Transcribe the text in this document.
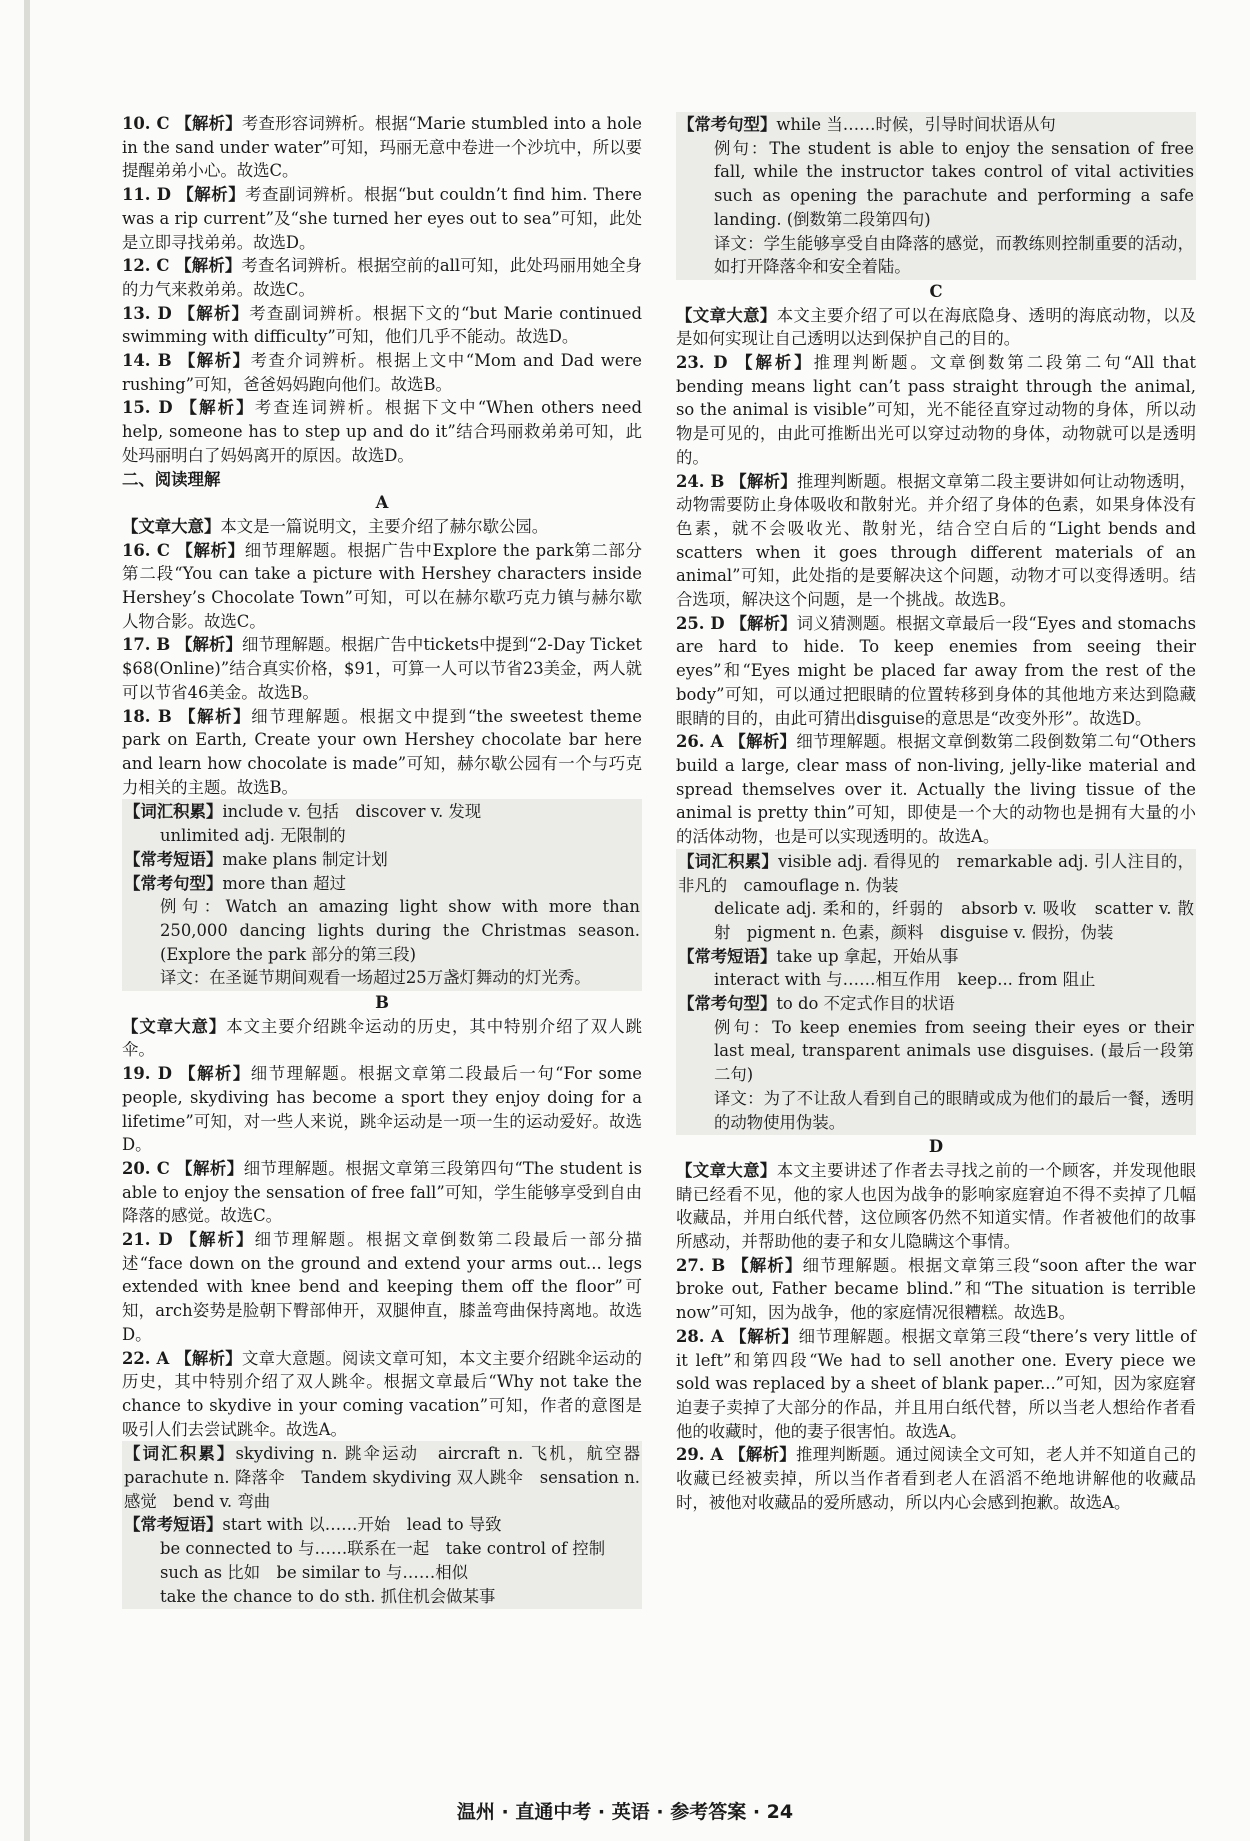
10. C 【解析】考查形容词辨析。根据“Marie stumbled into a hole in the sand under water”可知，玛丽无意中卷进一个沙坑中，所以要提醒弟弟小心。故选C。

11. D 【解析】考查副词辨析。根据“but couldn’t find him. There was a rip current”及“she turned her eyes out to sea”可知，此处是立即寻找弟弟。故选D。

12. C 【解析】考查名词辨析。根据空前的all可知，此处玛丽用她全身的力气来救弟弟。故选C。

13. D 【解析】考查副词辨析。根据下文的“but Marie continued swimming with difficulty”可知，他们几乎不能动。故选D。

14. B 【解析】考查介词辨析。根据上文中“Mom and Dad were rushing”可知，爸爸妈妈跑向他们。故选B。

15. D 【解析】考查连词辨析。根据下文中“When others need help, someone has to step up and do it”结合玛丽救弟弟可知，此处玛丽明白了妈妈离开的原因。故选D。

二、阅读理解

A

【文章大意】本文是一篇说明文，主要介绍了赫尔歇公园。

16. C 【解析】细节理解题。根据广告中Explore the park第二部分第二段“You can take a picture with Hershey characters inside Hershey’s Chocolate Town”可知，可以在赫尔歇巧克力镇与赫尔歇人物合影。故选C。

17. B 【解析】细节理解题。根据广告中tickets中提到“2-Day Ticket $68(Online)”结合真实价格，$91，可算一人可以节省23美金，两人就可以节省46美金。故选B。

18. B 【解析】细节理解题。根据文中提到“the sweetest theme park on Earth, Create your own Hershey chocolate bar here and learn how chocolate is made”可知，赫尔歇公园有一个与巧克力相关的主题。故选B。

【词汇积累】include v. 包括　discover v. 发现

unlimited adj. 无限制的

【常考短语】make plans 制定计划

【常考句型】more than 超过

例句：Watch an amazing light show with more than 250,000 dancing lights during the Christmas season. (Explore the park 部分的第三段)

译文：在圣诞节期间观看一场超过25万盏灯舞动的灯光秀。

B

【文章大意】本文主要介绍跳伞运动的历史，其中特别介绍了双人跳伞。

19. D 【解析】细节理解题。根据文章第二段最后一句“For some people, skydiving has become a sport they enjoy doing for a lifetime”可知，对一些人来说，跳伞运动是一项一生的运动爱好。故选D。

20. C 【解析】细节理解题。根据文章第三段第四句“The student is able to enjoy the sensation of free fall”可知，学生能够享受到自由降落的感觉。故选C。

21. D 【解析】细节理解题。根据文章倒数第二段最后一部分描述“face down on the ground and extend your arms out... legs extended with knee bend and keeping them off the floor”可知，arch姿势是脸朝下臀部伸开，双腿伸直，膝盖弯曲保持离地。故选D。

22. A 【解析】文章大意题。阅读文章可知，本文主要介绍跳伞运动的历史，其中特别介绍了双人跳伞。根据文章最后“Why not take the chance to skydive in your coming vacation”可知，作者的意图是吸引人们去尝试跳伞。故选A。

【词汇积累】skydiving n. 跳伞运动　aircraft n. 飞机，航空器　parachute n. 降落伞　Tandem skydiving 双人跳伞　sensation n. 感觉　bend v. 弯曲

【常考短语】start with 以……开始　lead to 导致

be connected to 与……联系在一起　take control of 控制

such as 比如　be similar to 与……相似

take the chance to do sth. 抓住机会做某事

【常考句型】while 当……时候，引导时间状语从句

例句：The student is able to enjoy the sensation of free fall, while the instructor takes control of vital activities such as opening the parachute and performing a safe landing. (倒数第二段第四句)

译文：学生能够享受自由降落的感觉，而教练则控制重要的活动，如打开降落伞和安全着陆。

C

【文章大意】本文主要介绍了可以在海底隐身、透明的海底动物，以及是如何实现让自己透明以达到保护自己的目的。

23. D 【解析】推理判断题。文章倒数第二段第二句“All that bending means light can’t pass straight through the animal, so the animal is visible”可知，光不能径直穿过动物的身体，所以动物是可见的，由此可推断出光可以穿过动物的身体，动物就可以是透明的。

24. B 【解析】推理判断题。根据文章第二段主要讲如何让动物透明，动物需要防止身体吸收和散射光。并介绍了身体的色素，如果身体没有色素，就不会吸收光、散射光，结合空白后的“Light bends and scatters when it goes through different materials of an animal”可知，此处指的是要解决这个问题，动物才可以变得透明。结合选项，解决这个问题，是一个挑战。故选B。

25. D 【解析】词义猜测题。根据文章最后一段“Eyes and stomachs are hard to hide. To keep enemies from seeing their eyes”和“Eyes might be placed far away from the rest of the body”可知，可以通过把眼睛的位置转移到身体的其他地方来达到隐藏眼睛的目的，由此可猜出disguise的意思是“改变外形”。故选D。

26. A 【解析】细节理解题。根据文章倒数第二段倒数第二句“Others build a large, clear mass of non-living, jelly-like material and spread themselves over it. Actually the living tissue of the animal is pretty thin”可知，即使是一个大的动物也是拥有大量的小的活体动物，也是可以实现透明的。故选A。

【词汇积累】visible adj. 看得见的　remarkable adj. 引人注目的，非凡的　camouflage n. 伪装

delicate adj. 柔和的，纤弱的　absorb v. 吸收　scatter v. 散射　pigment n. 色素，颜料　disguise v. 假扮，伪装

【常考短语】take up 拿起，开始从事

interact with 与……相互作用　keep... from 阻止

【常考句型】to do 不定式作目的状语

例句：To keep enemies from seeing their eyes or their last meal, transparent animals use disguises. (最后一段第二句)

译文：为了不让敌人看到自己的眼睛或成为他们的最后一餐，透明的动物使用伪装。

D

【文章大意】本文主要讲述了作者去寻找之前的一个顾客，并发现他眼睛已经看不见，他的家人也因为战争的影响家庭窘迫不得不卖掉了几幅收藏品，并用白纸代替，这位顾客仍然不知道实情。作者被他们的故事所感动，并帮助他的妻子和女儿隐瞒这个事情。

27. B 【解析】细节理解题。根据文章第三段“soon after the war broke out, Father became blind.”和“The situation is terrible now”可知，因为战争，他的家庭情况很糟糕。故选B。

28. A 【解析】细节理解题。根据文章第三段“there’s very little of it left”和第四段“We had to sell another one. Every piece we sold was replaced by a sheet of blank paper...”可知，因为家庭窘迫妻子卖掉了大部分的作品，并且用白纸代替，所以当老人想给作者看他的收藏时，他的妻子很害怕。故选A。

29. A 【解析】推理判断题。通过阅读全文可知，老人并不知道自己的收藏已经被卖掉，所以当作者看到老人在滔滔不绝地讲解他的收藏品时，被他对收藏品的爱所感动，所以内心会感到抱歉。故选A。

温州 · 直通中考 · 英语 · 参考答案 · 24
